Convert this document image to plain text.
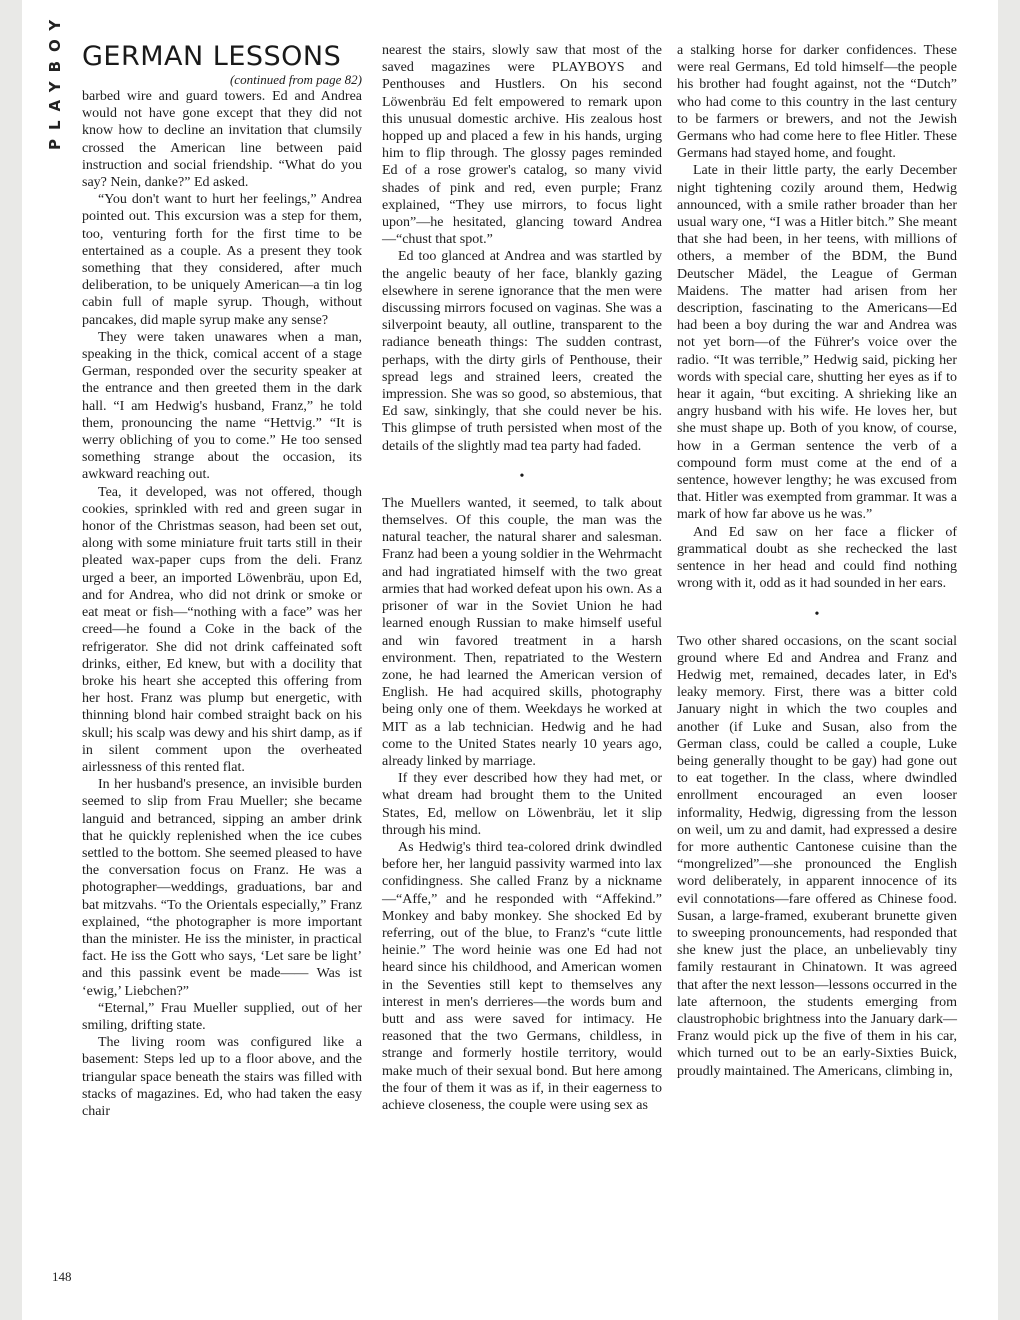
PLAYBOY GERMAN LESSONS

(continued from page 82)

barbed wire and guard towers. Ed and Andrea would not have gone except that they did not know how to decline an invitation that clumsily crossed the American line between paid instruction and social friendship. “What do you say? Nein, danke?” Ed asked.

“You don't want to hurt her feelings,” Andrea pointed out. This excursion was a step for them, too, venturing forth for the first time to be entertained as a couple. As a present they took something that they considered, after much deliberation, to be uniquely American—a tin log cabin full of maple syrup. Though, without pancakes, did maple syrup make any sense?

They were taken unawares when a man, speaking in the thick, comical accent of a stage German, responded over the security speaker at the entrance and then greeted them in the dark hall. “I am Hedwig's husband, Franz,” he told them, pronouncing the name “Hettvig.” “It is werry obliching of you to come.” He too sensed something strange about the occasion, its awkward reaching out.

Tea, it developed, was not offered, though cookies, sprinkled with red and green sugar in honor of the Christmas season, had been set out, along with some miniature fruit tarts still in their pleated wax-paper cups from the deli. Franz urged a beer, an imported Löwenbräu, upon Ed, and for Andrea, who did not drink or smoke or eat meat or fish—“nothing with a face” was her creed—he found a Coke in the back of the refrigerator. She did not drink caffeinated soft drinks, either, Ed knew, but with a docility that broke his heart she accepted this offering from her host. Franz was plump but energetic, with thinning blond hair combed straight back on his skull; his scalp was dewy and his shirt damp, as if in silent comment upon the overheated airlessness of this rented flat.

In her husband's presence, an invisible burden seemed to slip from Frau Mueller; she became languid and betranced, sipping an amber drink that he quickly replenished when the ice cubes settled to the bottom. She seemed pleased to have the conversation focus on Franz. He was a photographer—weddings, graduations, bar and bat mitzvahs. “To the Orientals especially,” Franz explained, “the photographer is more important than the minister. He iss the minister, in practical fact. He iss the Gott who says, ‘Let sare be light’ and this passink event be made—— Was ist ‘ewig,’ Liebchen?”

“Eternal,” Frau Mueller supplied, out of her smiling, drifting state.

The living room was configured like a basement: Steps led up to a floor above, and the triangular space beneath the stairs was filled with stacks of magazines. Ed, who had taken the easy chair

nearest the stairs, slowly saw that most of the saved magazines were PLAYBOYS and Penthouses and Hustlers. On his second Löwenbräu Ed felt empowered to remark upon this unusual domestic archive. His zealous host hopped up and placed a few in his hands, urging him to flip through. The glossy pages reminded Ed of a rose grower's catalog, so many vivid shades of pink and red, even purple; Franz explained, “They use mirrors, to focus light upon”—he hesitated, glancing toward Andrea—“chust that spot.”

Ed too glanced at Andrea and was startled by the angelic beauty of her face, blankly gazing elsewhere in serene ignorance that the men were discussing mirrors focused on vaginas. She was a silverpoint beauty, all outline, transparent to the radiance beneath things: The sudden contrast, perhaps, with the dirty girls of Penthouse, their spread legs and strained leers, created the impression. She was so good, so abstemious, that Ed saw, sinkingly, that she could never be his. This glimpse of truth persisted when most of the details of the slightly mad tea party had faded.

•

The Muellers wanted, it seemed, to talk about themselves. Of this couple, the man was the natural teacher, the natural sharer and salesman. Franz had been a young soldier in the Wehrmacht and had ingratiated himself with the two great armies that had worked defeat upon his own. As a prisoner of war in the Soviet Union he had learned enough Russian to make himself useful and win favored treatment in a harsh environment. Then, repatriated to the Western zone, he had learned the American version of English. He had acquired skills, photography being only one of them. Weekdays he worked at MIT as a lab technician. Hedwig and he had come to the United States nearly 10 years ago, already linked by marriage.

If they ever described how they had met, or what dream had brought them to the United States, Ed, mellow on Löwenbräu, let it slip through his mind.

As Hedwig's third tea-colored drink dwindled before her, her languid passivity warmed into lax confidingness. She called Franz by a nickname—“Affe,” and he responded with “Affekind.” Monkey and baby monkey. She shocked Ed by referring, out of the blue, to Franz's “cute little heinie.” The word heinie was one Ed had not heard since his childhood, and American women in the Seventies still kept to themselves any interest in men's derrieres—the words bum and butt and ass were saved for intimacy. He reasoned that the two Germans, childless, in strange and formerly hostile territory, would make much of their sexual bond. But here among the four of them it was as if, in their eagerness to achieve closeness, the couple were using sex as

a stalking horse for darker confidences. These were real Germans, Ed told himself—the people his brother had fought against, not the “Dutch” who had come to this country in the last century to be farmers or brewers, and not the Jewish Germans who had come here to flee Hitler. These Germans had stayed home, and fought.

Late in their little party, the early December night tightening cozily around them, Hedwig announced, with a smile rather broader than her usual wary one, “I was a Hitler bitch.” She meant that she had been, in her teens, with millions of others, a member of the BDM, the Bund Deutscher Mädel, the League of German Maidens. The matter had arisen from her description, fascinating to the Americans—Ed had been a boy during the war and Andrea was not yet born—of the Führer's voice over the radio. “It was terrible,” Hedwig said, picking her words with special care, shutting her eyes as if to hear it again, “but exciting. A shrieking like an angry husband with his wife. He loves her, but she must shape up. Both of you know, of course, how in a German sentence the verb of a compound form must come at the end of a sentence, however lengthy; he was excused from that. Hitler was exempted from grammar. It was a mark of how far above us he was.”

And Ed saw on her face a flicker of grammatical doubt as she rechecked the last sentence in her head and could find nothing wrong with it, odd as it had sounded in her ears.

•

Two other shared occasions, on the scant social ground where Ed and Andrea and Franz and Hedwig met, remained, decades later, in Ed's leaky memory. First, there was a bitter cold January night in which the two couples and another (if Luke and Susan, also from the German class, could be called a couple, Luke being generally thought to be gay) had gone out to eat together. In the class, where dwindled enrollment encouraged an even looser informality, Hedwig, digressing from the lesson on weil, um zu and damit, had expressed a desire for more authentic Cantonese cuisine than the “mongrelized”—she pronounced the English word deliberately, in apparent innocence of its evil connotations—fare offered as Chinese food. Susan, a large-framed, exuberant brunette given to sweeping pronouncements, had responded that she knew just the place, an unbelievably tiny family restaurant in Chinatown. It was agreed that after the next lesson—lessons occurred in the late afternoon, the students emerging from claustrophobic brightness into the January dark—Franz would pick up the five of them in his car, which turned out to be an early-Sixties Buick, proudly maintained. The Americans, climbing in,

148
